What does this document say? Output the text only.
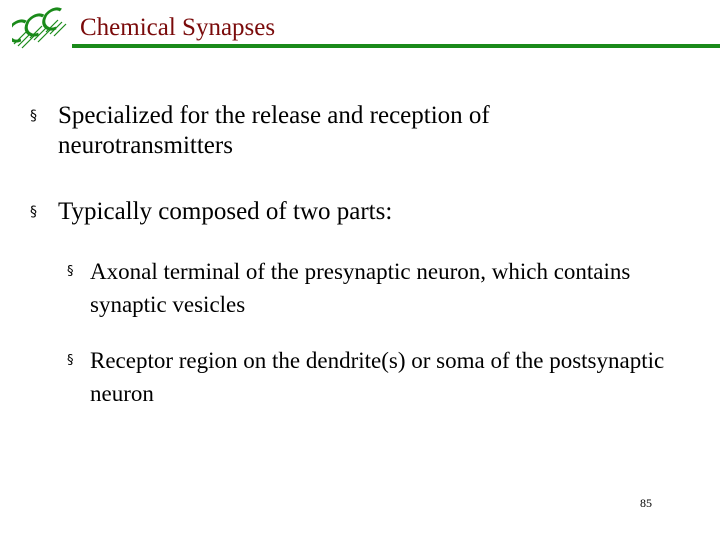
Chemical Synapses
§ Specialized for the release and reception of neurotransmitters
§ Typically composed of two parts:
§ Axonal terminal of the presynaptic neuron, which contains synaptic vesicles
§ Receptor region on the dendrite(s) or soma of the postsynaptic neuron
85
